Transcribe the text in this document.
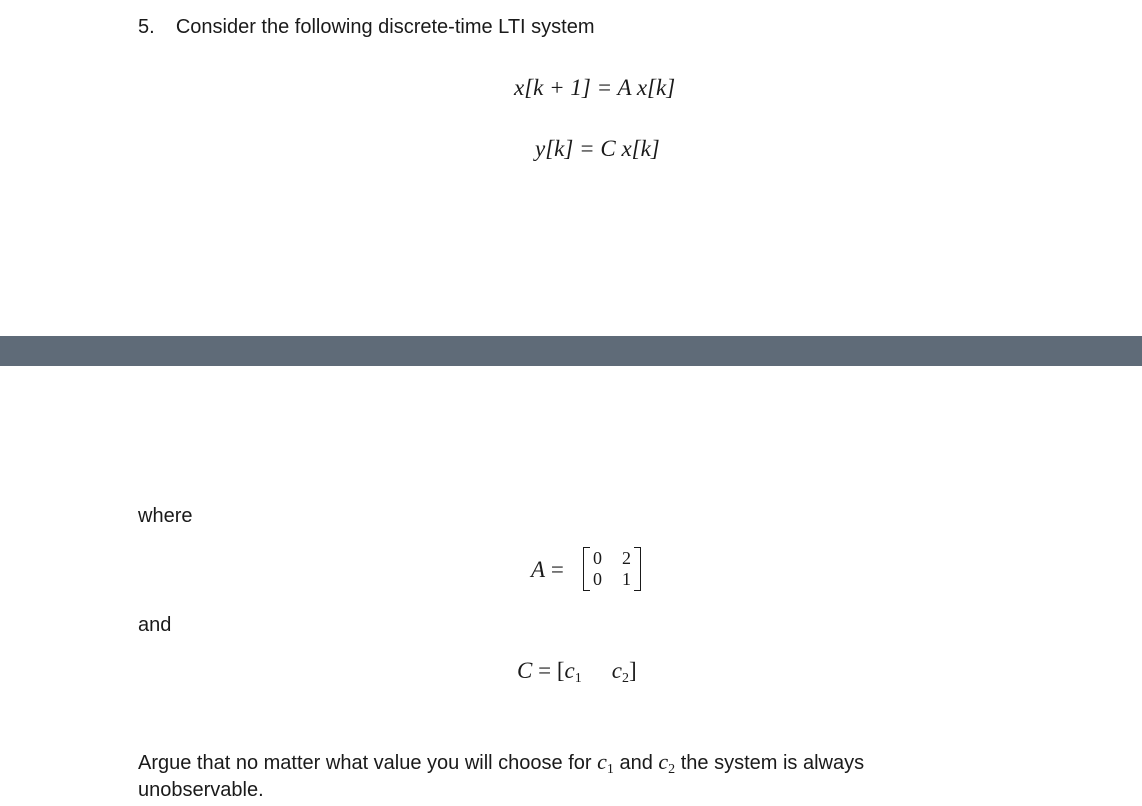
5. Consider the following discrete-time LTI system
x[k + 1] = A x[k]
y[k] = C x[k]
where
A = 0 2
0 1
and
$C = [c_1$ $c_2$]
Argue that no matter what value you will choose for $c_1$ and $c_2$ the system is always
unobservable.
